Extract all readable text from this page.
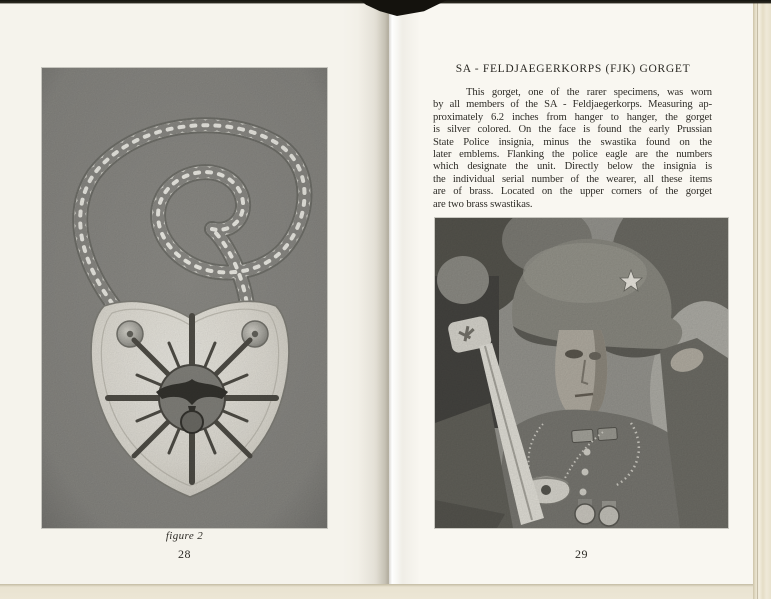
figure 2
28
SA - FELDJAEGERKORPS (FJK) GORGET
This gorget, one of the rarer specimens, was worn
by all members of the SA - Feldjaegerkorps. Measuring ap-
proximately 6.2 inches from hanger to hanger, the gorget
is silver colored. On the face is found the early Prussian
State Police insignia, minus the swastika found on the
later emblems. Flanking the police eagle are the numbers
which designate the unit. Directly below the insignia is
the individual serial number of the wearer, all these items
are of brass. Located on the upper corners of the gorget
are two brass swastikas.
29
